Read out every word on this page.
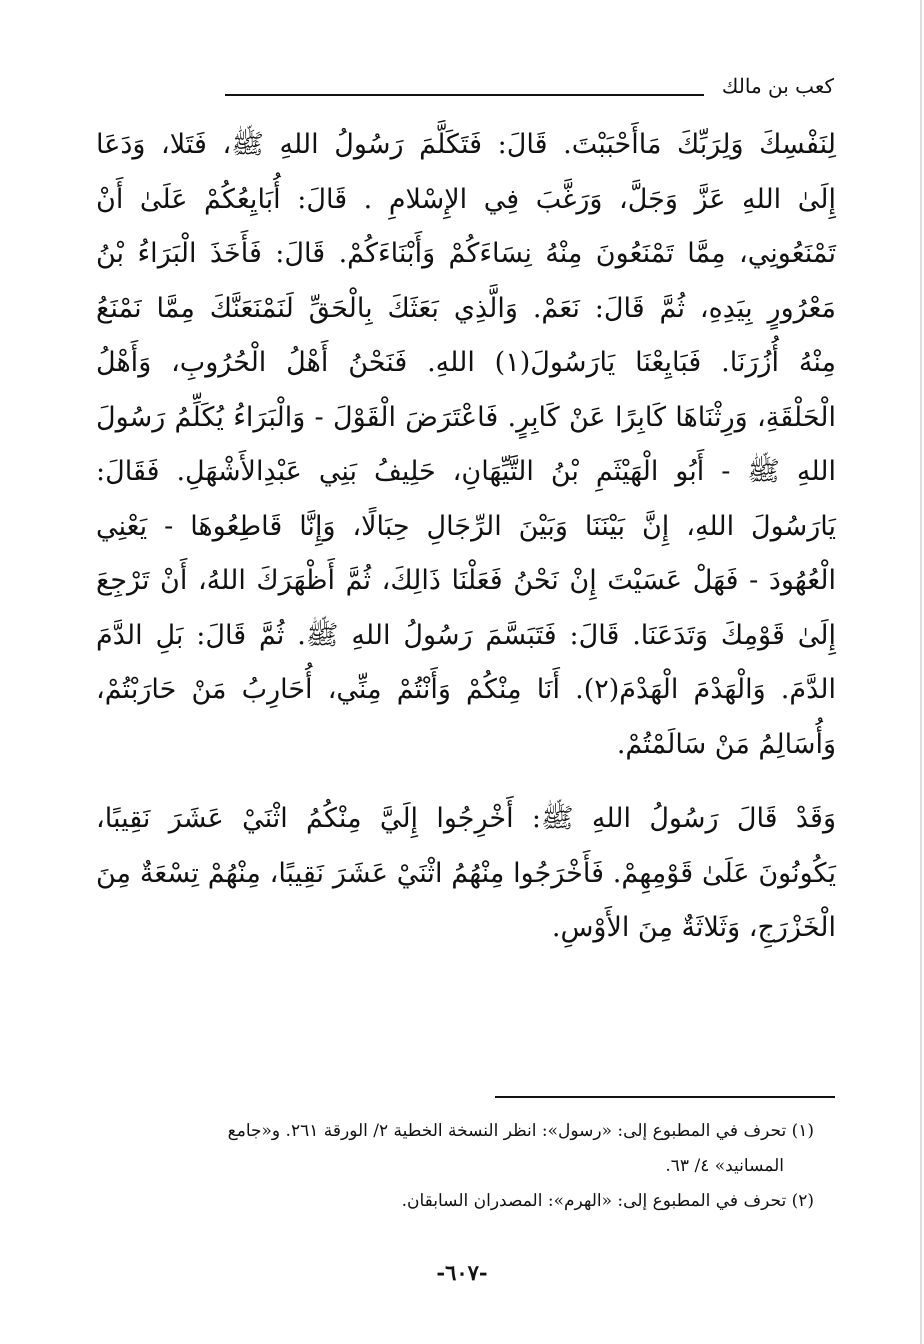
كعب بن مالك
لِنَفْسِكَ وَلِرَبِّكَ مَاأَحْبَبْتَ. قَالَ: فَتَكَلَّمَ رَسُولُ اللهِ ﷺ، فَتَلا، وَدَعَا
إِلَىٰ اللهِ عَزَّ وَجَلَّ، وَرَغَّبَ فِي الإِسْلامِ . قَالَ: أُبَايِعُكُمْ عَلَىٰ أَنْ
تَمْنَعُونِي، مِمَّا تَمْنَعُونَ مِنْهُ نِسَاءَكُمْ وَأَبْنَاءَكُمْ. قَالَ: فَأَخَذَ الْبَرَاءُ بْنُ
مَعْرُورٍ بِيَدِهِ، ثُمَّ قَالَ: نَعَمْ. وَالَّذِي بَعَثَكَ بِالْحَقِّ لَنَمْنَعَنَّكَ مِمَّا نَمْنَعُ
مِنْهُ أُزُرَنَا. فَبَايِعْنَا يَارَسُولَ(١) اللهِ. فَنَحْنُ أَهْلُ الْحُرُوبِ، وَأَهْلُ
الْحَلْقَةِ، وَرِثْنَاهَا كَابِرًا عَنْ كَابِرٍ. فَاعْتَرَضَ الْقَوْلَ - وَالْبَرَاءُ يُكَلِّمُ رَسُولَ
اللهِ ﷺ - أَبُو الْهَيْثَمِ بْنُ التَّيِّهَانِ، حَلِيفُ بَنِي عَبْدِالأَشْهَلِ. فَقَالَ:
يَارَسُولَ اللهِ، إِنَّ بَيْنَنَا وَبَيْنَ الرِّجَالِ حِبَالًا، وَإِنَّا قَاطِعُوهَا - يَعْنِي
الْعُهُودَ - فَهَلْ عَسَيْتَ إِنْ نَحْنُ فَعَلْنَا ذَالِكَ، ثُمَّ أَظْهَرَكَ اللهُ، أَنْ تَرْجِعَ
إِلَىٰ قَوْمِكَ وَتَدَعَنَا. قَالَ: فَتَبَسَّمَ رَسُولُ اللهِ ﷺ. ثُمَّ قَالَ: بَلِ الدَّمَ
الدَّمَ. وَالْهَدْمَ الْهَدْمَ(٢). أَنَا مِنْكُمْ وَأَنْتُمْ مِنِّي، أُحَارِبُ مَنْ حَارَبْتُمْ،
وَأُسَالِمُ مَنْ سَالَمْتُمْ.
وَقَدْ قَالَ رَسُولُ اللهِ ﷺ: أَخْرِجُوا إِلَيَّ مِنْكُمُ اثْنَيْ عَشَرَ نَقِيبًا،
يَكُونُونَ عَلَىٰ قَوْمِهِمْ. فَأَخْرَجُوا مِنْهُمُ اثْنَيْ عَشَرَ نَقِيبًا، مِنْهُمْ تِسْعَةٌ مِنَ
الْخَزْرَجِ، وَثَلاثَةٌ مِنَ الأَوْسِ.
(١) تحرف في المطبوع إلى: «رسول»: انظر النسخة الخطية ٢/ الورقة ٢٦١. و«جامع
المسانيد» ٤/ ٦٣.
(٢) تحرف في المطبوع إلى: «الهرم»: المصدران السابقان.
-٦٠٧-
